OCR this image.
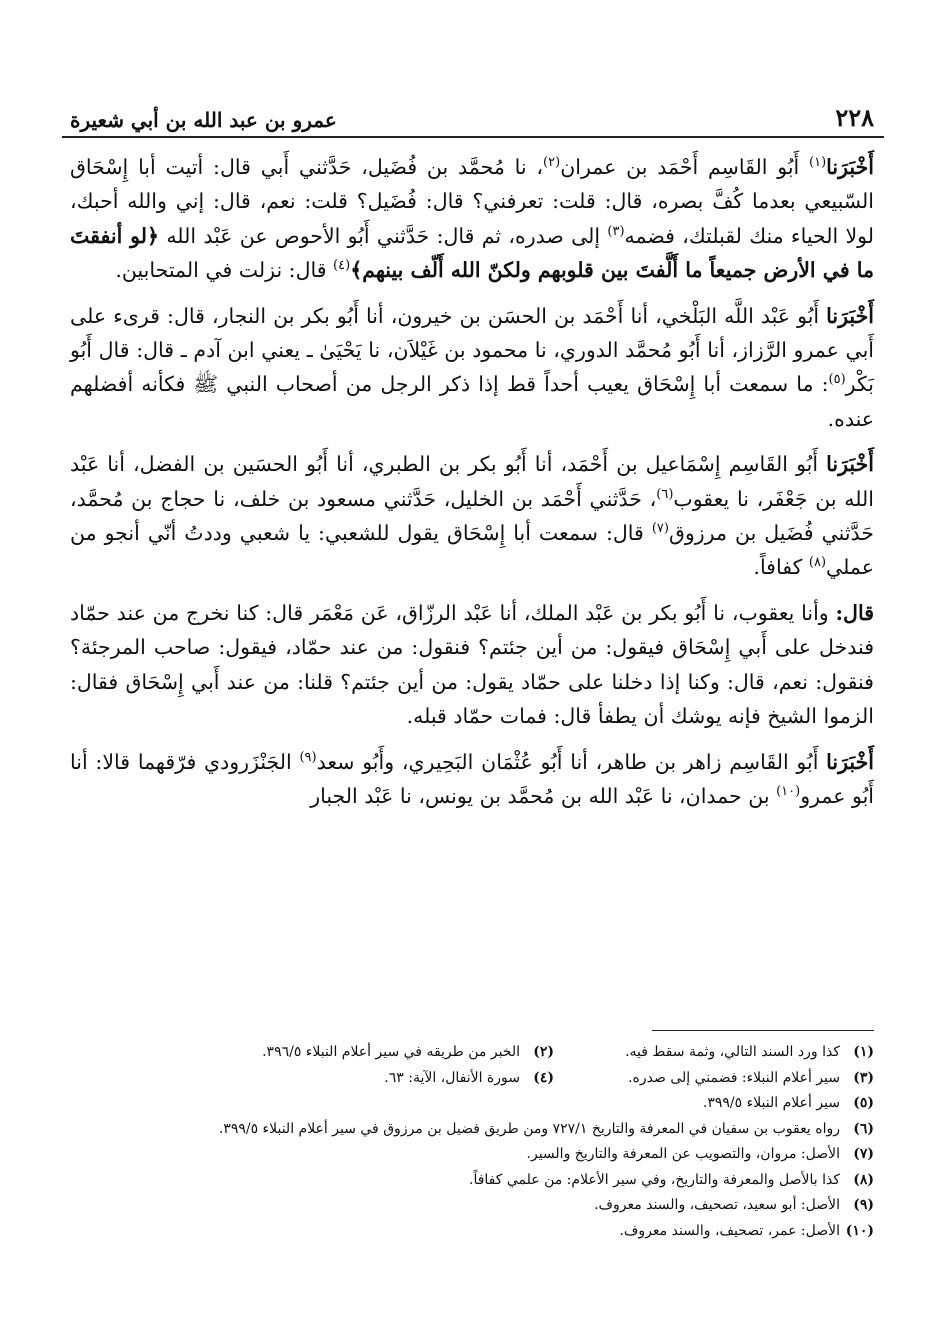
٢٢٨
عمرو بن عبد الله بن أبي شعيرة

أَخْبَرَنا$^{(١)}$ أَبُو القَاسِم أَحْمَد بن عمران$^{(٢)}$، نا مُحمَّد بن فُضَيل، حَدَّثني أَبي قال: أتيت أبا إِسْحَاق السّبيعي بعدما كُفَّ بصره، قال: قلت: تعرفني؟ قال: فُضَيل؟ قلت: نعم، قال: إني والله أحبك، لولا الحياء منك لقبلتك، فضمه$^{(٣)}$ إلى صدره، ثم قال: حَدَّثني أَبُو الأحوص عن عَبْد الله ﴿لو أنفقتَ ما في الأرض جميعاً ما أَلَّفتَ بين قلوبهم ولكنّ الله أَلّف بينهم﴾$^{(٤)}$ قال: نزلت في المتحابين.

أَخْبَرَنا أَبُو عَبْد اللَّه البَلْخي، أنا أَحْمَد بن الحسَن بن خيرون، أنا أَبُو بكر بن النجار، قال: قرىء على أَبي عمرو الرَّزاز، أنا أَبُو مُحمَّد الدوري، نا محمود بن غَيْلاَن، نا يَحْيَىٰ ـ يعني ابن آدم ـ قال: قال أَبُو بَكْر$^{(٥)}$: ما سمعت أبا إِسْحَاق يعيب أحداً قط إذا ذكر الرجل من أصحاب النبي ﷺ فكأنه أفضلهم عنده.

أَخْبَرَنا أَبُو القَاسِم إِسْمَاعيل بن أَحْمَد، أنا أَبُو بكر بن الطبري، أنا أَبُو الحسَين بن الفضل، أنا عَبْد الله بن جَعْفَر، نا يعقوب$^{(٦)}$، حَدَّثني أَحْمَد بن الخليل، حَدَّثني مسعود بن خلف، نا حجاج بن مُحمَّد، حَدَّثني فُضَيل بن مرزوق$^{(٧)}$ قال: سمعت أبا إِسْحَاق يقول للشعبي: يا شعبي وددتُ أنّي أنجو من عملي$^{(٨)}$ كفافاً.

قال: وأنا يعقوب، نا أَبُو بكر بن عَبْد الملك، أنا عَبْد الرزّاق، عَن مَعْمَر قال: كنا نخرج من عند حمّاد فندخل على أَبي إِسْحَاق فيقول: من أين جئتم؟ فنقول: من عند حمّاد، فيقول: صاحب المرجئة؟ فنقول: نعم، قال: وكنا إذا دخلنا على حمّاد يقول: من أين جئتم؟ قلنا: من عند أَبي إِسْحَاق فقال: الزموا الشيخ فإنه يوشك أن يطفأ قال: فمات حمّاد قبله.

أَخْبَرَنا أَبُو القَاسِم زاهر بن طاهر، أنا أَبُو عُثْمَان البَحِيري، وأَبُو سعد$^{(٩)}$ الجَنْزَرودي فرّقهما قالا: أنا أَبُو عمرو$^{(١٠)}$ بن حمدان، نا عَبْد الله بن مُحمَّد بن يونس، نا عَبْد الجبار

(١)كذا ورد السند التالي، وثمة سقط فيه.
(٢)الخبر من طريقه في سير أعلام النبلاء ٣٩٦/٥.
(٣)سير أعلام النبلاء: فضمني إلى صدره.
(٤)سورة الأنفال، الآية: ٦٣.
(٥)سير أعلام النبلاء ٣٩٩/٥.
(٦)رواه يعقوب بن سفيان في المعرفة والتاريخ ٧٢٧/١ ومن طريق فضيل بن مرزوق في سير أعلام النبلاء ٣٩٩/٥.
(٧)الأصل: مروان، والتصويب عن المعرفة والتاريخ والسير.
(٨)كذا بالأصل والمعرفة والتاريخ، وفي سير الأعلام: من علمي كفافاً.
(٩)الأصل: أبو سعيد، تصحيف، والسند معروف.
(١٠)الأصل: عمر، تصحيف، والسند معروف.
